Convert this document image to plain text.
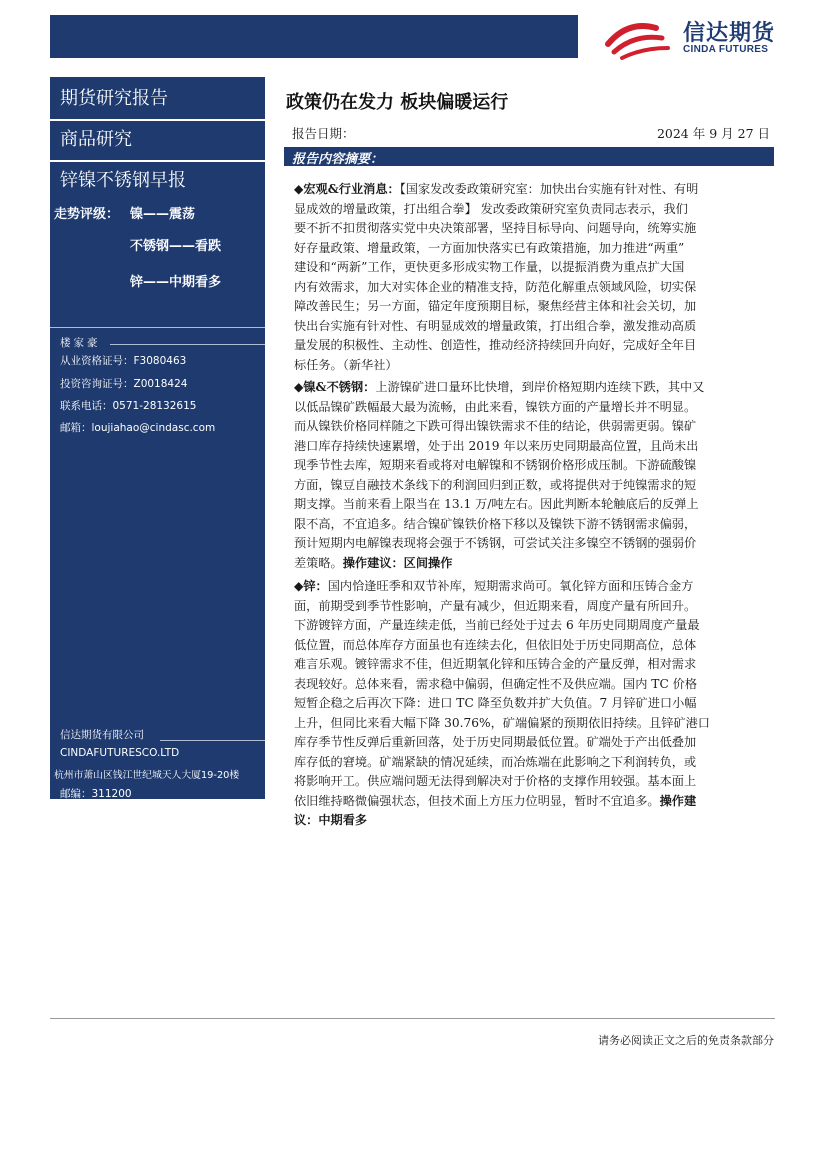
信达期货
CINDA FUTURES
期货研究报告
商品研究
锌镍不锈钢早报
走势评级： 镍——震荡
不锈钢——看跌
锌——中期看多
楼家豪
从业资格证号：F3080463
投资咨询证号：Z0018424
联系电话：0571-28132615
邮箱：loujiahao@cindasc.com
信达期货有限公司
CINDAFUTURESCO.LTD
杭州市萧山区钱江世纪城天人大厦19-20楼
邮编：311200
政策仍在发力 板块偏暖运行
报告日期：	2024 年 9 月 27 日
报告内容摘要：
◆宏观&行业消息：【国家发改委政策研究室：加快出台实施有针对性、有明
显成效的增量政策，打出组合拳】 发改委政策研究室负责同志表示，我们
要不折不扣贯彻落实党中央决策部署，坚持目标导向、问题导向，统筹实施
好存量政策、增量政策，一方面加快落实已有政策措施，加力推进“两重”
建设和“两新”工作，更快更多形成实物工作量，以提振消费为重点扩大国
内有效需求，加大对实体企业的精准支持，防范化解重点领域风险，切实保
障改善民生；另一方面，锚定年度预期目标，聚焦经营主体和社会关切，加
快出台实施有针对性、有明显成效的增量政策，打出组合拳，激发推动高质
量发展的积极性、主动性、创造性，推动经济持续回升向好，完成好全年目
标任务。（新华社）
◆镍&不锈钢：上游镍矿进口量环比快增，到岸价格短期内连续下跌，其中又
以低品镍矿跌幅最大最为流畅，由此来看，镍铁方面的产量增长并不明显。
而从镍铁价格同样随之下跌可得出镍铁需求不佳的结论，供弱需更弱。镍矿
港口库存持续快速累增，处于出 2019 年以来历史同期最高位置，且尚未出
现季节性去库，短期来看或将对电解镍和不锈钢价格形成压制。下游硫酸镍
方面，镍豆自融技术条线下的利润回归到正数，或将提供对于纯镍需求的短
期支撑。当前来看上限当在 13.1 万/吨左右。因此判断本轮触底后的反弹上
限不高，不宜追多。结合镍矿镍铁价格下移以及镍铁下游不锈钢需求偏弱，
预计短期内电解镍表现将会强于不锈钢，可尝试关注多镍空不锈钢的强弱价
差策略。操作建议：区间操作
◆锌：国内恰逢旺季和双节补库，短期需求尚可。氧化锌方面和压铸合金方
面，前期受到季节性影响，产量有减少，但近期来看，周度产量有所回升。
下游镀锌方面，产量连续走低，当前已经处于过去 6 年历史同期周度产量最
低位置，而总体库存方面虽也有连续去化，但依旧处于历史同期高位，总体
难言乐观。镀锌需求不佳，但近期氧化锌和压铸合金的产量反弹，相对需求
表现较好。总体来看，需求稳中偏弱，但确定性不及供应端。国内 TC 价格
短暂企稳之后再次下降：进口 TC 降至负数并扩大负值。7 月锌矿进口小幅
上升，但同比来看大幅下降 30.76%，矿端偏紧的预期依旧持续。且锌矿港口
库存季节性反弹后重新回落，处于历史同期最低位置。矿端处于产出低叠加
库存低的窘境。矿端紧缺的情况延续，而冶炼端在此影响之下利润转负，或
将影响开工。供应端问题无法得到解决对于价格的支撑作用较强。基本面上
依旧维持略微偏强状态，但技术面上方压力位明显，暂时不宜追多。操作建
议：中期看多
请务必阅读正文之后的免责条款部分
